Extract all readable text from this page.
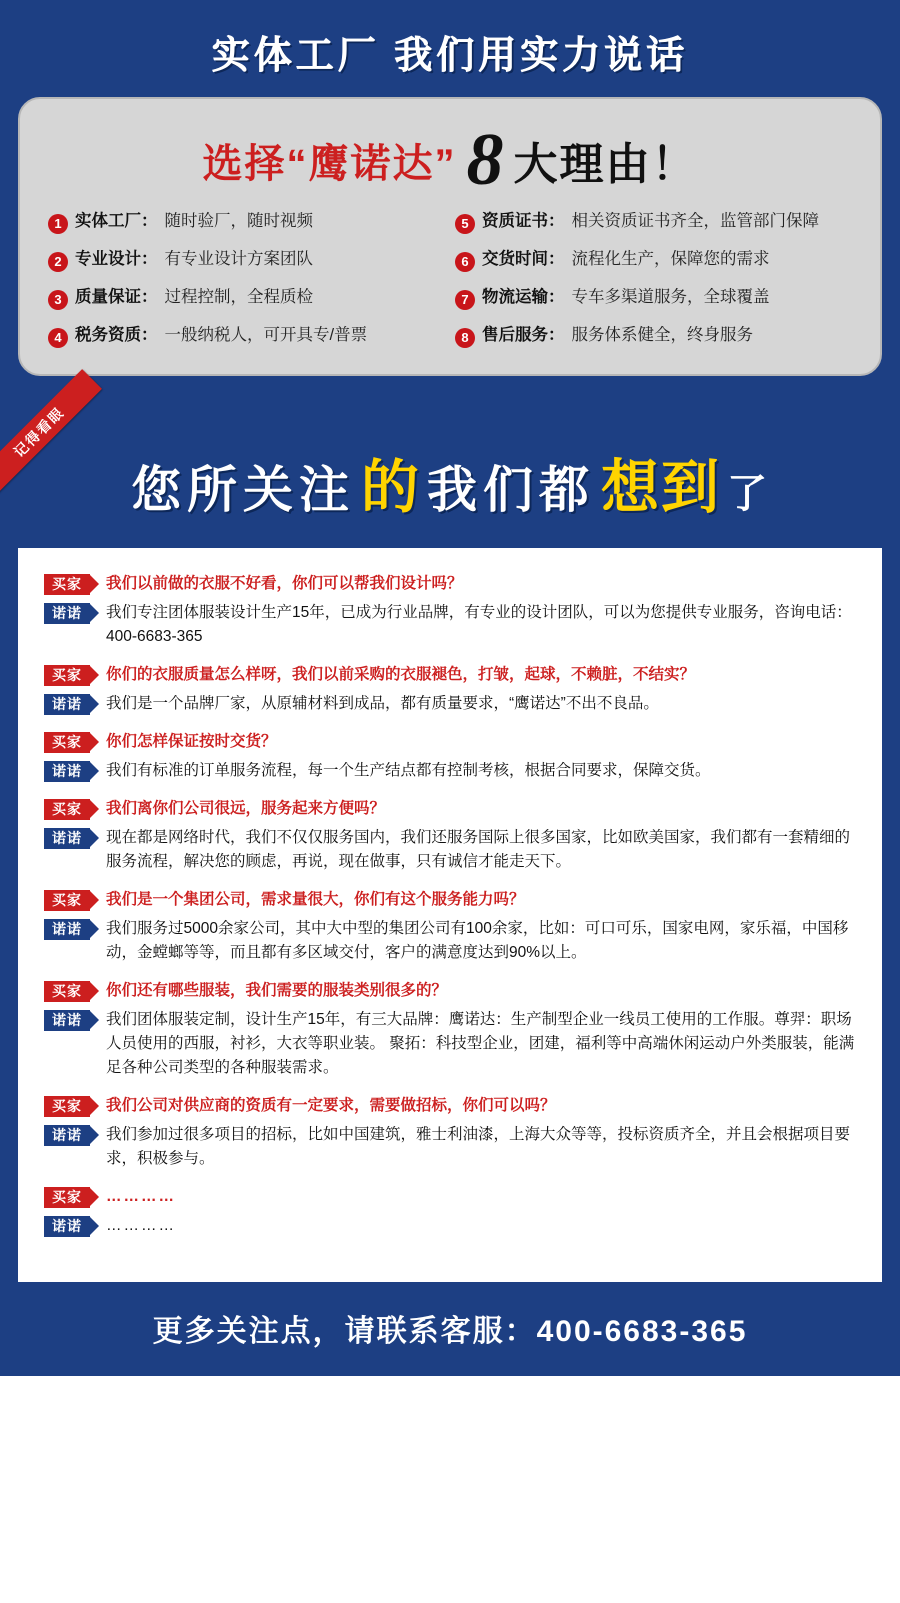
实体工厂 我们用实力说话
选择“鹰诺达” 8 大理由！
1 实体工厂： 随时验厂，随时视频	5 资质证书： 相关资质证书齐全，监管部门保障
2 专业设计： 有专业设计方案团队	6 交货时间： 流程化生产，保障您的需求
3 质量保证： 过程控制，全程质检	7 物流运输： 专车多渠道服务，全球覆盖
4 税务资质： 一般纳税人，可开具专/普票	8 售后服务： 服务体系健全，终身服务
记得看眼
您所关注 的 我们都 想到 了
买家	我们以前做的衣服不好看，你们可以帮我们设计吗？
诺诺	我们专注团体服装设计生产15年，已成为行业品牌，有专业的设计团队，可以为您提供专业服务，咨询电话：400-6683-365
买家	你们的衣服质量怎么样呀，我们以前采购的衣服褪色，打皱，起球，不赖脏，不结实？
诺诺	我们是一个品牌厂家，从原辅材料到成品，都有质量要求，“鹰诺达”不出不良品。
买家	你们怎样保证按时交货？
诺诺	我们有标准的订单服务流程，每一个生产结点都有控制考核，根据合同要求，保障交货。
买家	我们离你们公司很远，服务起来方便吗？
诺诺	现在都是网络时代，我们不仅仅服务国内，我们还服务国际上很多国家，比如欧美国家，我们都有一套精细的服务流程，解决您的顾虑，再说，现在做事，只有诚信才能走天下。
买家	我们是一个集团公司，需求量很大，你们有这个服务能力吗？
诺诺	我们服务过5000余家公司，其中大中型的集团公司有100余家，比如：可口可乐，国家电网，家乐福，中国移动，金螳螂等等，而且都有多区域交付，客户的满意度达到90%以上。
买家	你们还有哪些服装，我们需要的服装类别很多的？
诺诺	我们团体服装定制，设计生产15年，有三大品牌：鹰诺达：生产制型企业一线员工使用的工作服。尊羿：职场人员使用的西服，衬衫，大衣等职业装。 聚拓：科技型企业，团建，福利等中高端休闲运动户外类服装，能满足各种公司类型的各种服装需求。
买家	我们公司对供应商的资质有一定要求，需要做招标，你们可以吗？
诺诺	我们参加过很多项目的招标，比如中国建筑，雅士利油漆，上海大众等等，投标资质齐全，并且会根据项目要求，积极参与。
买家	…………
诺诺	…………
更多关注点，请联系客服：400-6683-365
